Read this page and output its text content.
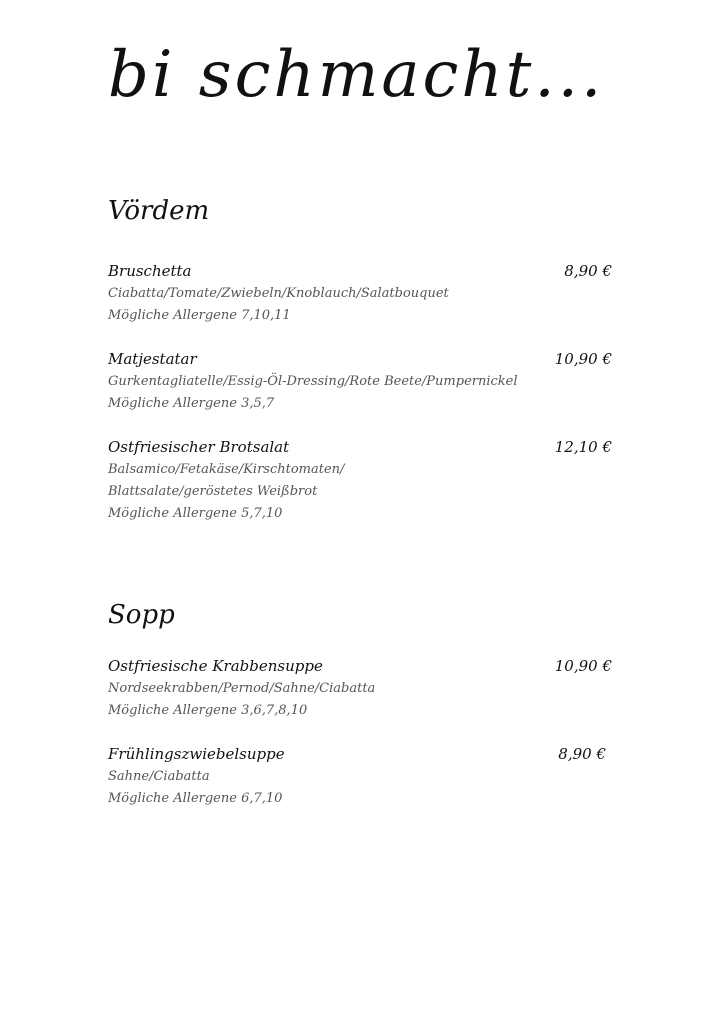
bi schmacht...
Vördem
Bruschetta	8,90 €
Ciabatta/Tomate/Zwiebeln/Knoblauch/Salatbouquet
Mögliche Allergene 7,10,11
Matjestatar	10,90 €
Gurkentagliatelle/Essig-Öl-Dressing/Rote Beete/Pumpernickel
Mögliche Allergene 3,5,7
Ostfriesischer Brotsalat	12,10 €
Balsamico/Fetakäse/Kirschtomaten/
Blattsalate/geröstetes Weißbrot
Mögliche Allergene 5,7,10
Sopp
Ostfriesische Krabbensuppe	10,90 €
Nordseekrabben/Pernod/Sahne/Ciabatta
Mögliche Allergene 3,6,7,8,10
Frühlingszwiebelsuppe	8,90 €
Sahne/Ciabatta
Mögliche Allergene 6,7,10
